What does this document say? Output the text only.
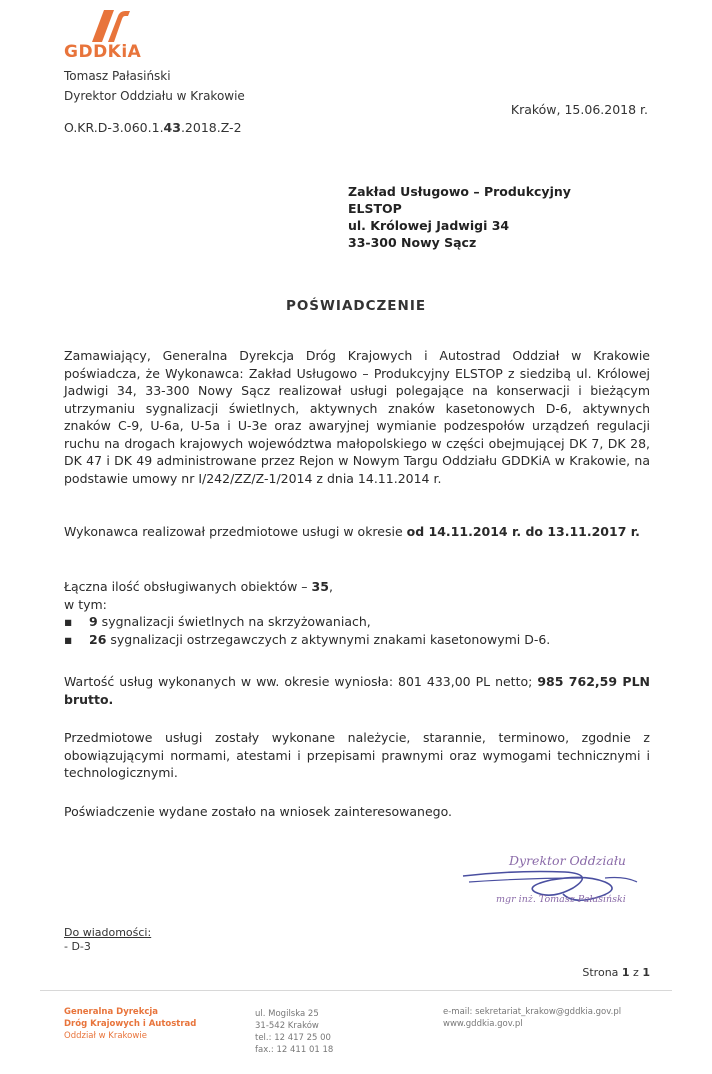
GDDKiA
Tomasz Pałasiński
Dyrektor Oddziału w Krakowie
Kraków, 15.06.2018 r.
O.KR.D-3.060.1.43.2018.Z-2
Zakład Usługowo – Produkcyjny
ELSTOP
ul. Królowej Jadwigi 34
33-300 Nowy Sącz
POŚWIADCZENIE
Zamawiający, Generalna Dyrekcja Dróg Krajowych i Autostrad Oddział w Krakowie poświadcza, że Wykonawca: Zakład Usługowo – Produkcyjny ELSTOP z siedzibą ul. Królowej Jadwigi 34, 33-300 Nowy Sącz realizował usługi polegające na konserwacji i bieżącym utrzymaniu sygnalizacji świetlnych, aktywnych znaków kasetonowych D-6, aktywnych znaków C-9, U-6a, U-5a i U-3e oraz awaryjnej wymianie podzespołów urządzeń regulacji ruchu na drogach krajowych województwa małopolskiego w części obejmującej DK 7, DK 28, DK 47 i DK 49 administrowane przez Rejon w Nowym Targu Oddziału GDDKiA w Krakowie, na podstawie umowy nr I/242/ZZ/Z-1/2014 z dnia 14.11.2014 r.
Wykonawca realizował przedmiotowe usługi w okresie od 14.11.2014 r. do 13.11.2017 r.
Łączna ilość obsługiwanych obiektów – 35,
w tym:
▪ 9 sygnalizacji świetlnych na skrzyżowaniach,
▪ 26 sygnalizacji ostrzegawczych z aktywnymi znakami kasetonowymi D-6.
Wartość usług wykonanych w ww. okresie wyniosła: 801 433,00 PL netto; 985 762,59 PLN brutto.
Przedmiotowe usługi zostały wykonane należycie, starannie, terminowo, zgodnie z obowiązującymi normami, atestami i przepisami prawnymi oraz wymogami technicznymi i technologicznymi.
Poświadczenie wydane zostało na wniosek zainteresowanego.
Dyrektor Oddziału
mgr inż. Tomasz Pałasiński
Do wiadomości:
- D-3
Strona 1 z 1
Generalna Dyrekcja
Dróg Krajowych i Autostrad
Oddział w Krakowie
ul. Mogilska 25
31-542 Kraków
tel.: 12 417 25 00
fax.: 12 411 01 18
e-mail: sekretariat_krakow@gddkia.gov.pl
www.gddkia.gov.pl
